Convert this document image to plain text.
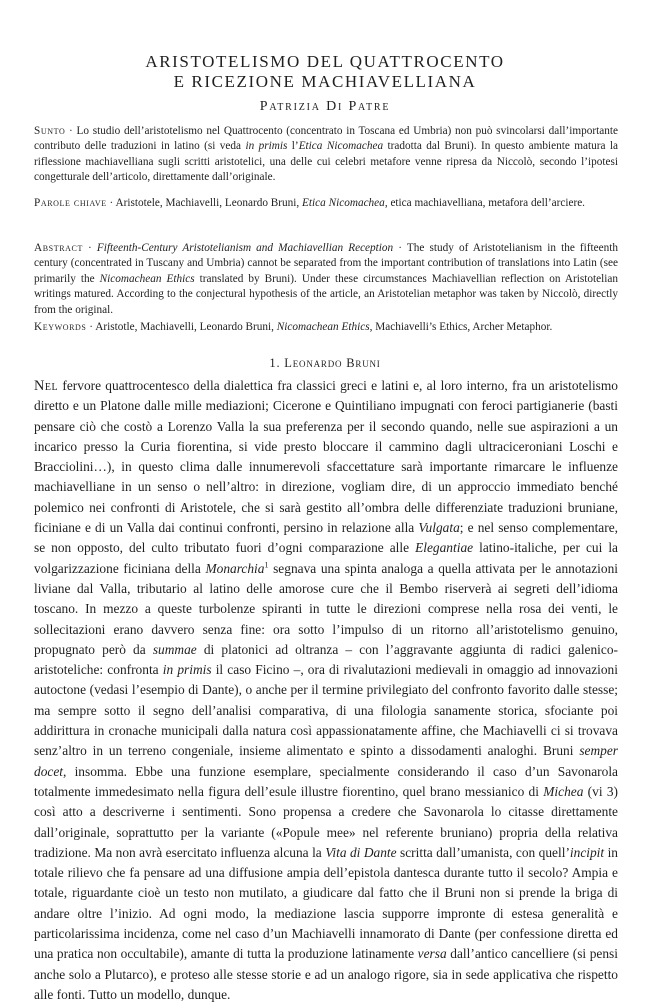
ARISTOTELISMO DEL QUATTROCENTO
E RICEZIONE MACHIAVELLIANA
Patrizia Di Patre
Sunto · Lo studio dell’aristotelismo nel Quattrocento (concentrato in Toscana ed Umbria) non può svincolarsi dall’importante contributo delle traduzioni in latino (si veda in primis l’Etica Nicomachea tradotta dal Bruni). In questo ambiente matura la riflessione machiavelliana sugli scritti aristotelici, una delle cui celebri metafore venne ripresa da Niccolò, secondo l’ipotesi congetturale dell’articolo, direttamente dall’originale.
Parole chiave · Aristotele, Machiavelli, Leonardo Bruni, Etica Nicomachea, etica machiavelliana, metafora dell’arciere.
Abstract · Fifteenth-Century Aristotelianism and Machiavellian Reception · The study of Aristotelianism in the fifteenth century (concentrated in Tuscany and Umbria) cannot be separated from the important contribution of translations into Latin (see primarily the Nicomachean Ethics translated by Bruni). Under these circumstances Machiavellian reflection on Aristotelian writings matured. According to the conjectural hypothesis of the article, an Aristotelian metaphor was taken by Niccolò, directly from the original.
Keywords · Aristotle, Machiavelli, Leonardo Bruni, Nicomachean Ethics, Machiavelli’s Ethics, Archer Metaphor.
1. Leonardo Bruni
Nel fervore quattrocentesco della dialettica fra classici greci e latini e, al loro interno, fra un aristotelismo diretto e un Platone dalle mille mediazioni; Cicerone e Quintiliano impugnati con feroci partigianerie (basti pensare ciò che costò a Lorenzo Valla la sua preferenza per il secondo quando, nelle sue aspirazioni a un incarico presso la Curia fiorentina, si vide presto bloccare il cammino dagli ultraciceroniani Loschi e Bracciolini…), in questo clima dalle innumerevoli sfaccettature sarà importante rimarcare le influenze machiavelliane in un senso o nell’altro: in direzione, vogliam dire, di un approccio immediato benché polemico nei confronti di Aristotele, che si sarà gestito all’ombra delle differenziate traduzioni bruniane, ficiniane e di un Valla dai continui confronti, persino in relazione alla Vulgata; e nel senso complementare, se non opposto, del culto tributato fuori d’ogni comparazione alle Elegantiae latino-italiche, per cui la volgarizzazione ficiniana della Monarchia$^1$ segnava una spinta analoga a quella attivata per le annotazioni liviane dal Valla, tributario al latino delle amorose cure che il Bembo riserverà ai segreti dell’idioma toscano. In mezzo a queste turbolenze spiranti in tutte le direzioni comprese nella rosa dei venti, le sollecitazioni erano davvero senza fine: ora sotto l’impulso di un ritorno all’aristotelismo genuino, propugnato però da summae di platonici ad oltranza – con l’aggravante aggiunta di radici galenico-aristoteliche: confronta in primis il caso Ficino –, ora di rivalutazioni medievali in omaggio ad innovazioni autoctone (vedasi l’esempio di Dante), o anche per il termine privilegiato del confronto favorito dalle stesse; ma sempre sotto il segno dell’analisi comparativa, di una filologia sanamente storica, sfociante poi addirittura in cronache municipali dalla natura così appassionatamente affine, che Machiavelli ci si trovava senz’altro in un terreno congeniale, insieme alimentato e spinto a dissodamenti analoghi. Bruni semper docet, insomma. Ebbe una funzione esemplare, specialmente considerando il caso d’un Savonarola totalmente immedesimato nella figura dell’esule illustre fiorentino, quel brano messianico di Michea (vi 3) così atto a descriverne i sentimenti. Sono propensa a credere che Savonarola lo citasse direttamente dall’originale, soprattutto per la variante («Popule mee» nel referente bruniano) propria della relativa tradizione. Ma non avrà esercitato influenza alcuna la Vita di Dante scritta dall’umanista, con quell’incipit in totale rilievo che fa pensare ad una diffusione ampia dell’epistola dantesca durante tutto il secolo? Ampia e totale, riguardante cioè un testo non mutilato, a giudicare dal fatto che il Bruni non si prende la briga di andare oltre l’inizio. Ad ogni modo, la mediazione lascia supporre impronte di estesa generalità e particolarissima incidenza, come nel caso d’un Machiavelli innamorato di Dante (per confessione diretta ed una pratica non occultabile), amante di tutta la produzione latinamente versa dall’antico cancelliere (si pensi anche solo a Plutarco), e proteso alle stesse storie e ad un analogo rigore, sia in sede applicativa che rispetto alle fonti. Tutto un modello, dunque.
